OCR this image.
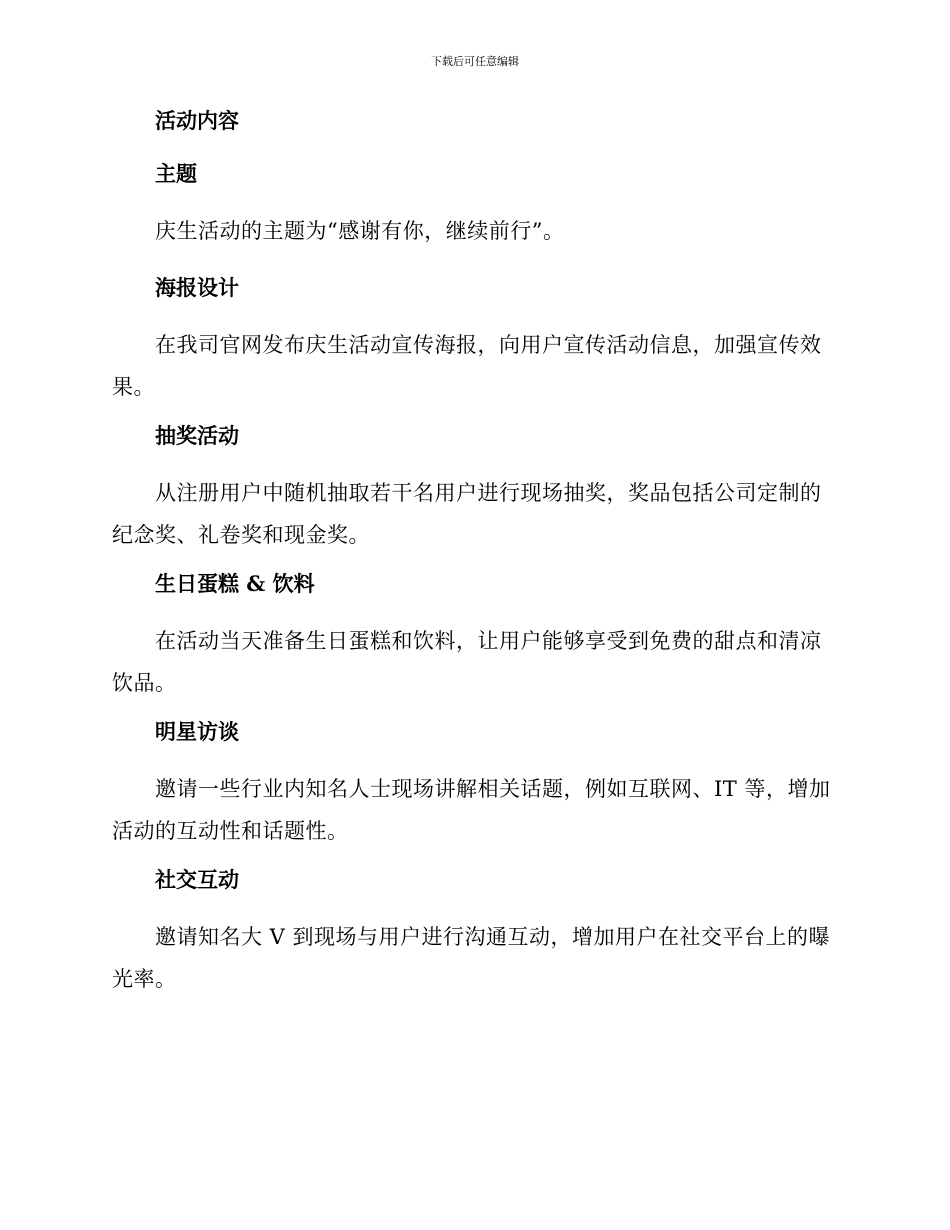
下载后可任意编辑
活动内容
主题
庆生活动的主题为“感谢有你，继续前行”。
海报设计
在我司官网发布庆生活动宣传海报，向用户宣传活动信息，加强宣传效果。
抽奖活动
从注册用户中随机抽取若干名用户进行现场抽奖，奖品包括公司定制的纪念奖、礼卷奖和现金奖。
生日蛋糕 & 饮料
在活动当天准备生日蛋糕和饮料，让用户能够享受到免费的甜点和清凉饮品。
明星访谈
邀请一些行业内知名人士现场讲解相关话题，例如互联网、IT 等，增加活动的互动性和话题性。
社交互动
邀请知名大 V 到现场与用户进行沟通互动，增加用户在社交平台上的曝光率。
